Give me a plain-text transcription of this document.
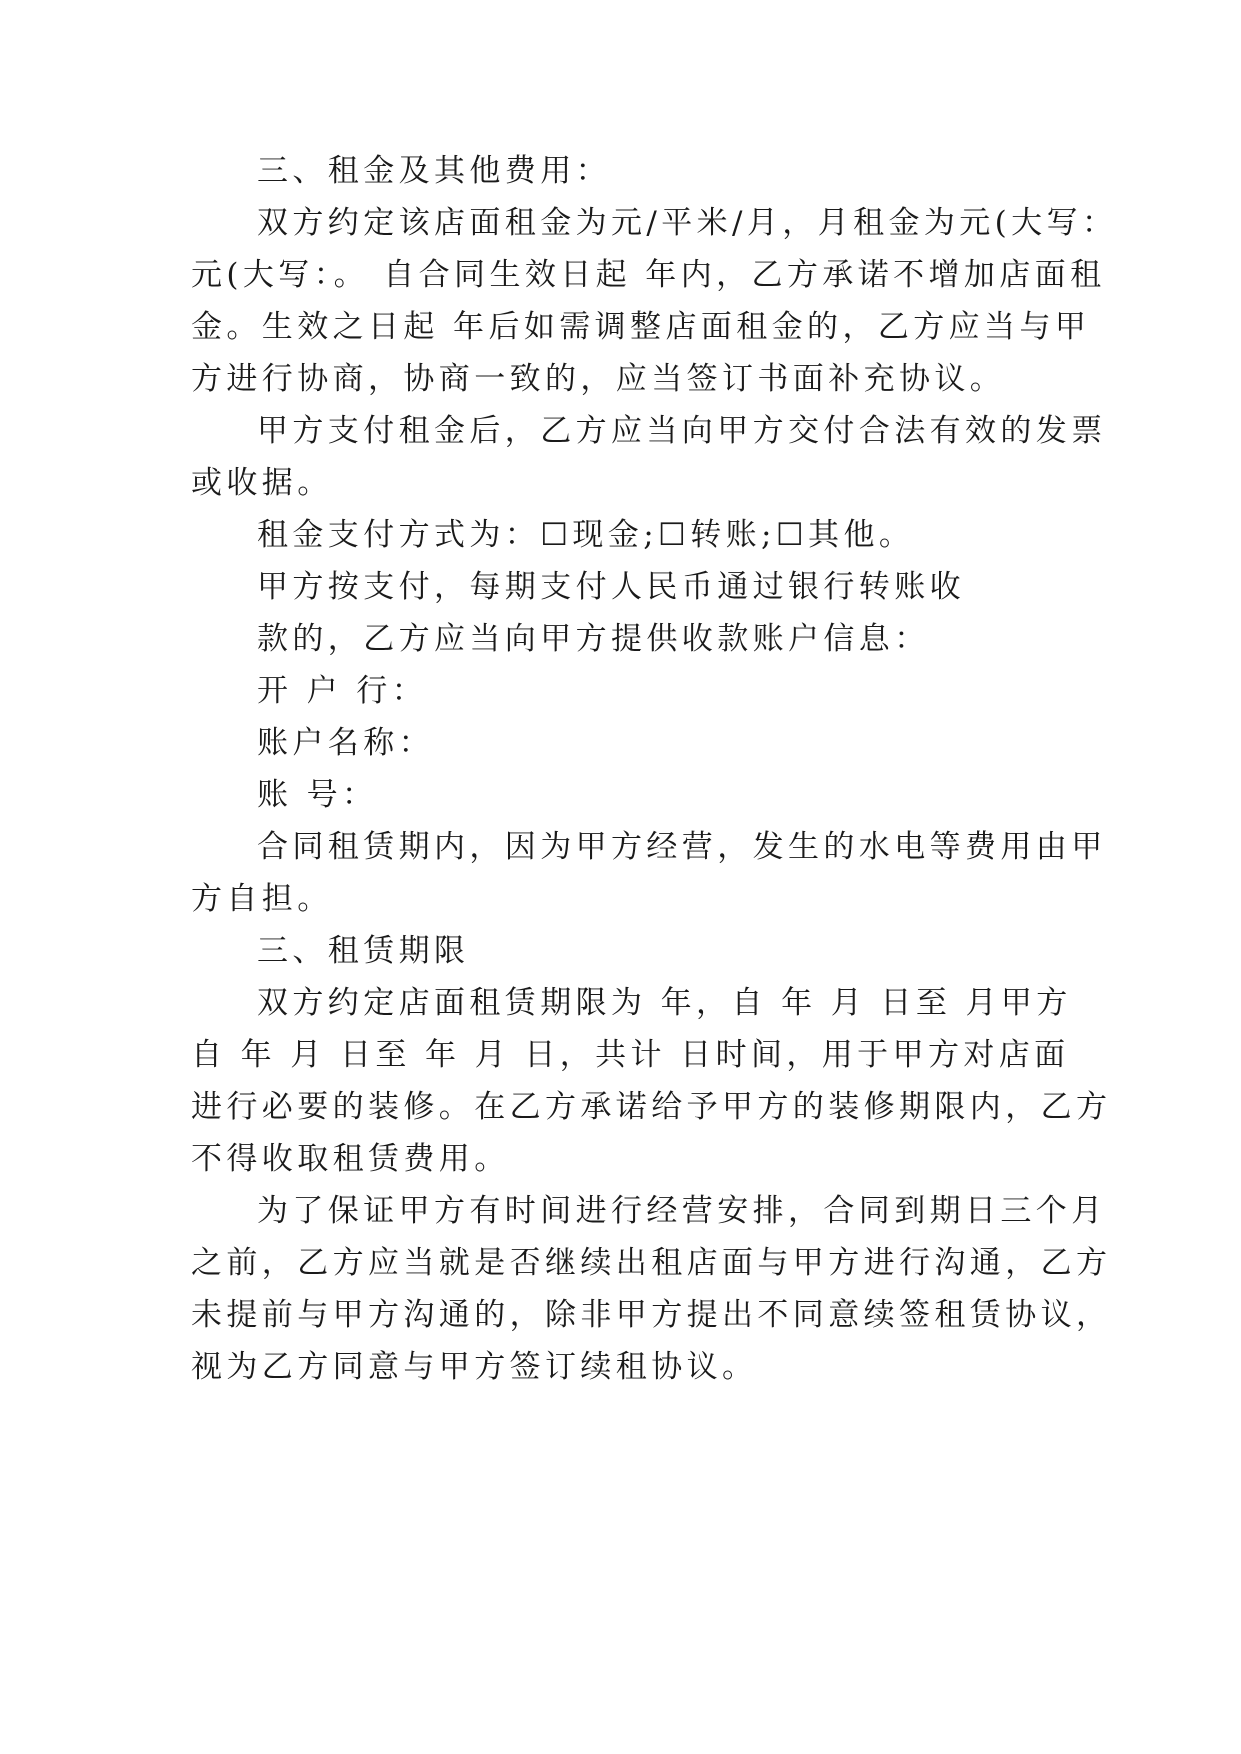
三、租金及其他费用：
双方约定该店面租金为元/平米/月，月租金为元(大写：
元(大写：。 自合同生效日起 年内，乙方承诺不增加店面租
金。生效之日起 年后如需调整店面租金的，乙方应当与甲
方进行协商，协商一致的，应当签订书面补充协议。
甲方支付租金后，乙方应当向甲方交付合法有效的发票
或收据。
租金支付方式为：☐现金;☐转账;☐其他。
甲方按支付，每期支付人民币通过银行转账收
款的，乙方应当向甲方提供收款账户信息：
开 户 行：
账户名称：
账 号：
合同租赁期内，因为甲方经营，发生的水电等费用由甲
方自担。
三、租赁期限
双方约定店面租赁期限为 年，自 年 月 日至 月甲方
自 年 月 日至 年 月 日，共计 日时间，用于甲方对店面
进行必要的装修。在乙方承诺给予甲方的装修期限内，乙方
不得收取租赁费用。
为了保证甲方有时间进行经营安排，合同到期日三个月
之前，乙方应当就是否继续出租店面与甲方进行沟通，乙方
未提前与甲方沟通的，除非甲方提出不同意续签租赁协议，
视为乙方同意与甲方签订续租协议。
